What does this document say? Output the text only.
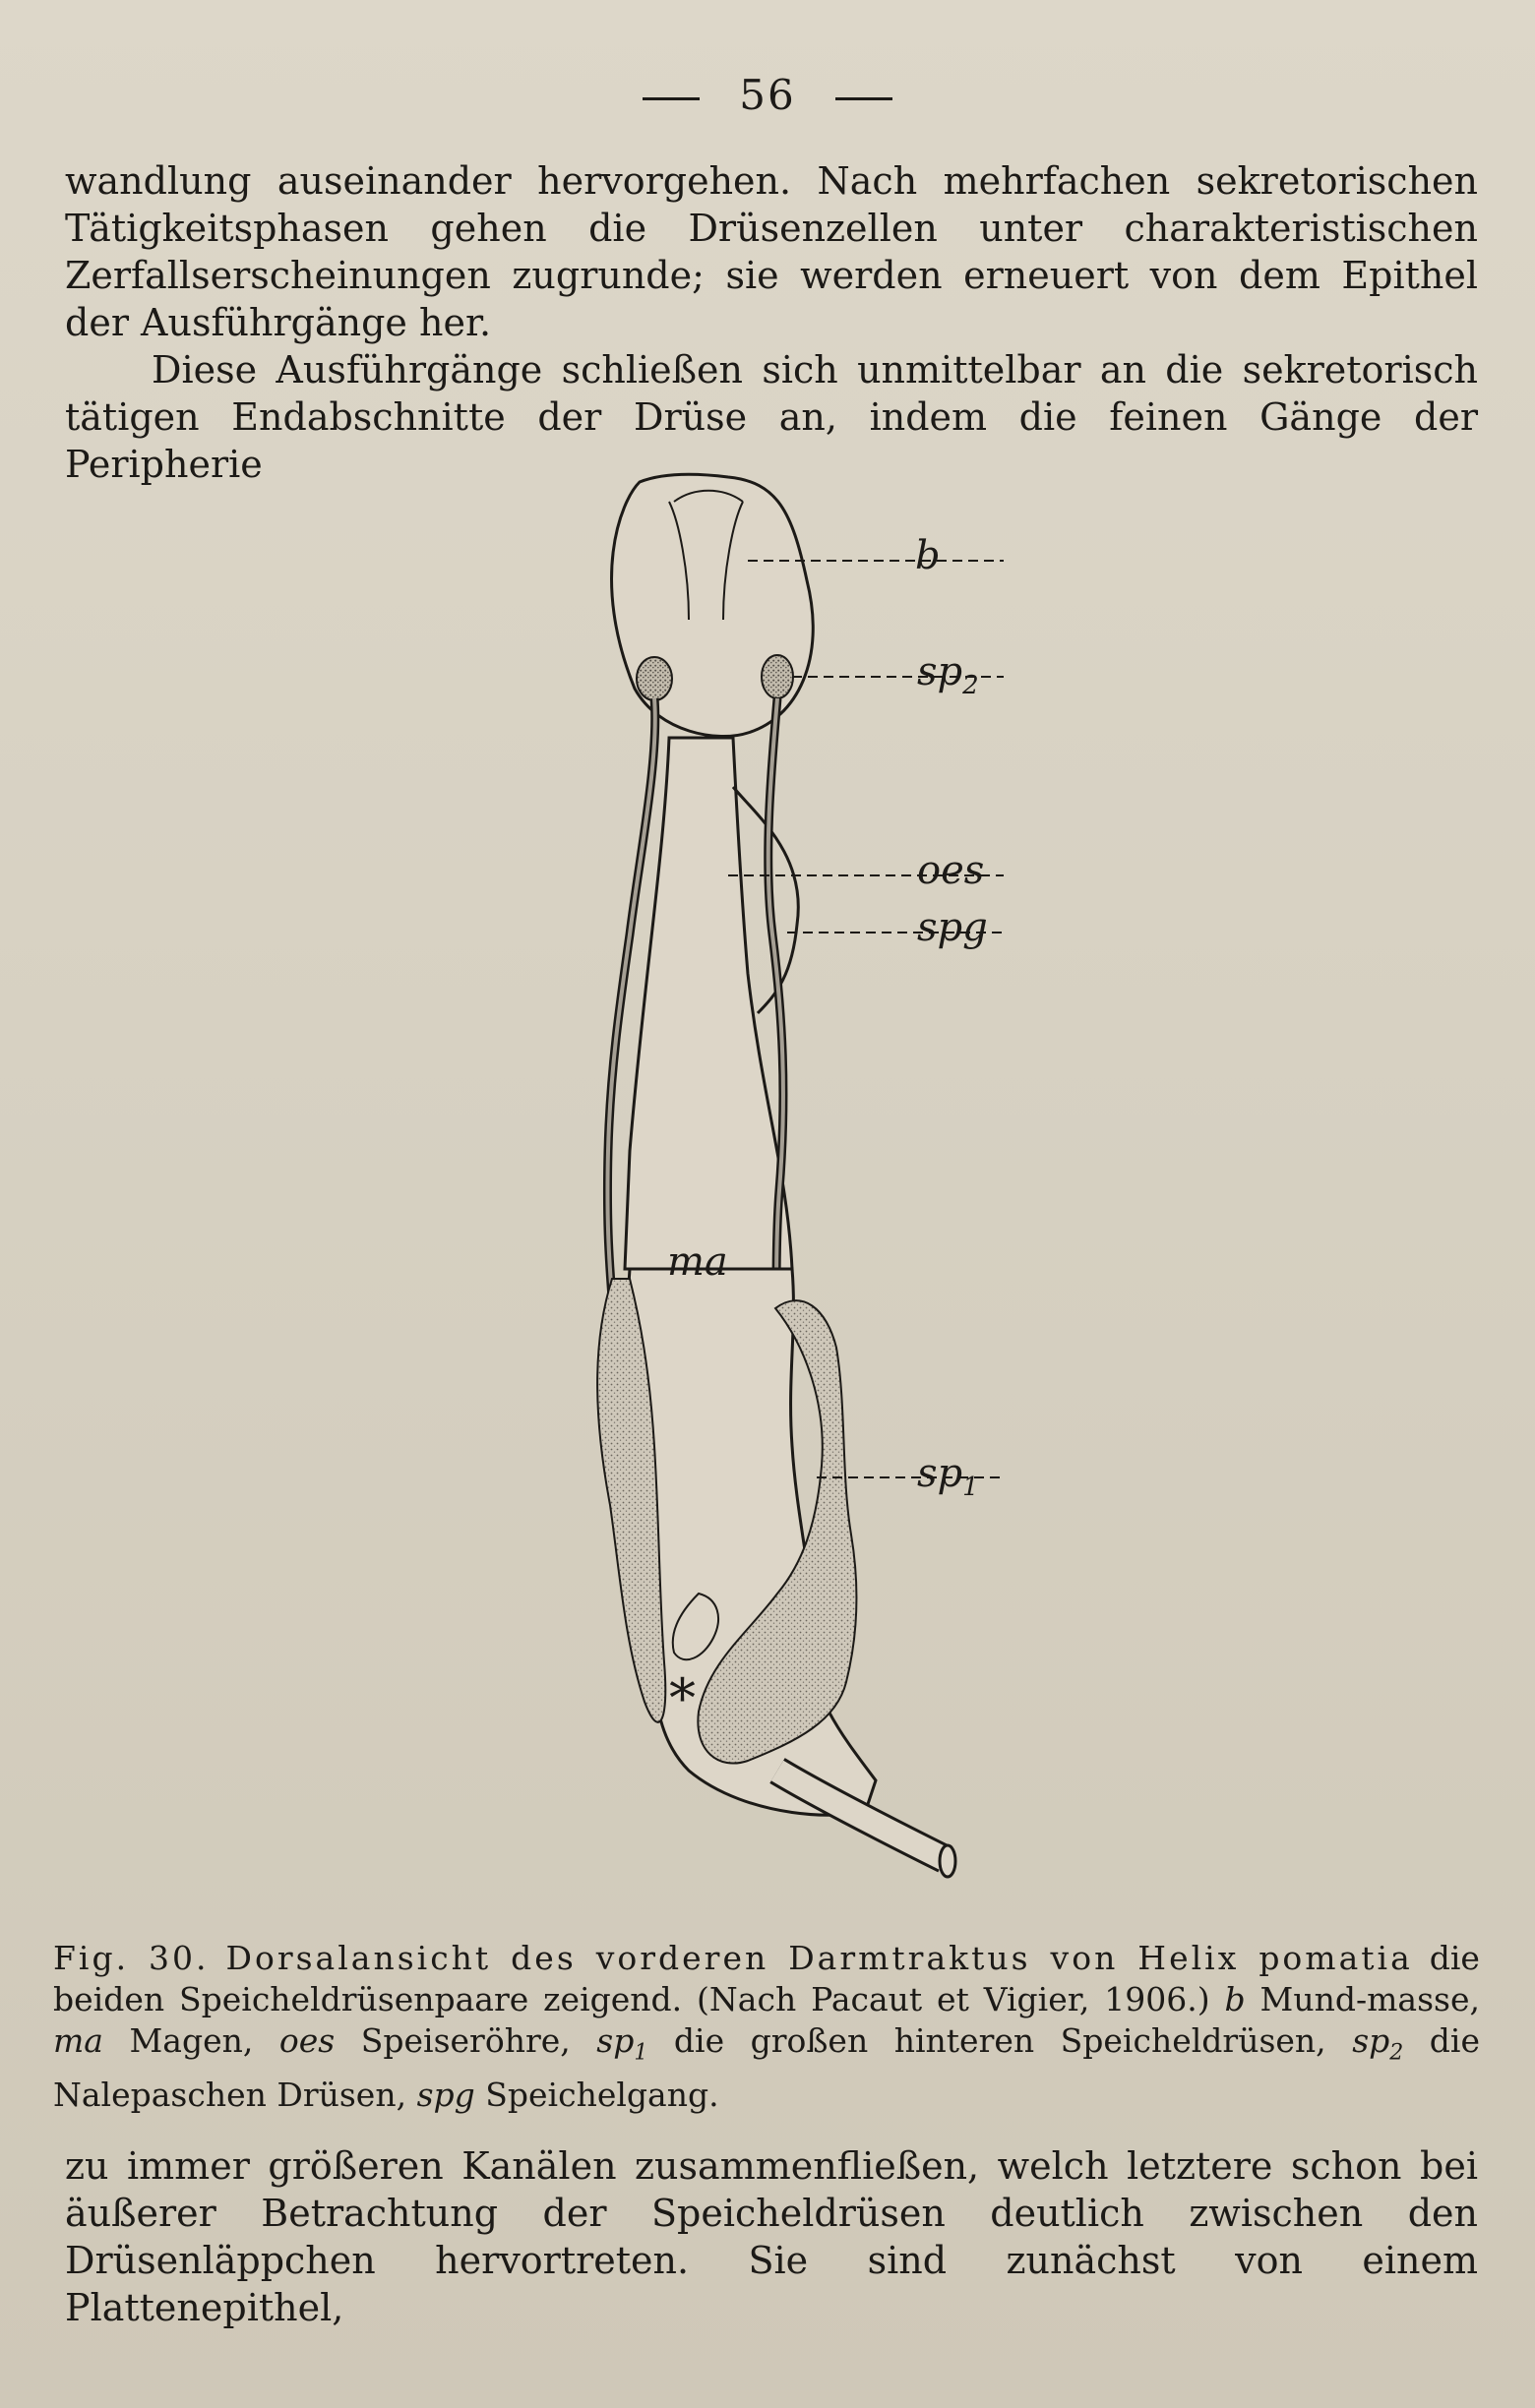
56

wandlung auseinander hervorgehen. Nach mehrfachen sekretorischen Tätigkeitsphasen gehen die Drüsenzellen unter charakteristischen Zerfallserscheinungen zugrunde; sie werden erneuert von dem Epithel der Ausführgänge her.

Diese Ausführgänge schließen sich unmittelbar an die sekretorisch tätigen Endabschnitte der Drüse an, indem die feinen Gänge der Peripherie

b
$sp_2$
oes
spg
ma
$sp_1$
*
Fig. 30. Dorsalansicht des vorderen Darmtraktus von Helix pomatia die beiden Speicheldrüsenpaare zeigend. (Nach Pacaut et Vigier, 1906.) b Mund-masse, ma Magen, oes Speiseröhre, $sp_1$ die großen hinteren Speicheldrüsen, $sp_2$ die Nalepaschen Drüsen, spg Speichelgang.

zu immer größeren Kanälen zusammenfließen, welch letztere schon bei äußerer Betrachtung der Speicheldrüsen deutlich zwischen den Drüsenläppchen hervortreten. Sie sind zunächst von einem Plattenepithel,
